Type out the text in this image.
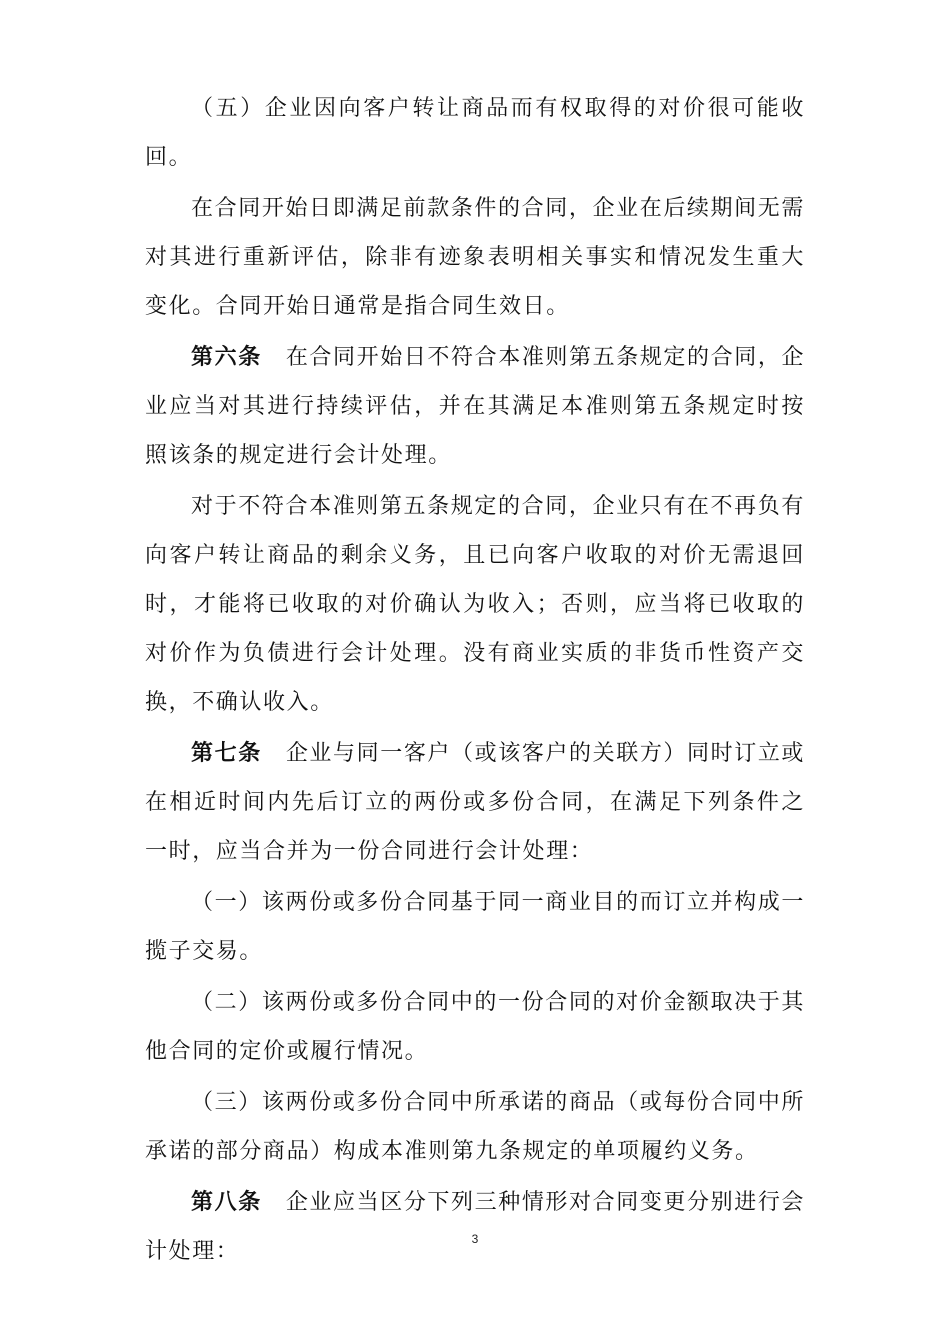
（五）企业因向客户转让商品而有权取得的对价很可能收回。

在合同开始日即满足前款条件的合同，企业在后续期间无需对其进行重新评估，除非有迹象表明相关事实和情况发生重大变化。合同开始日通常是指合同生效日。

第六条 在合同开始日不符合本准则第五条规定的合同，企业应当对其进行持续评估，并在其满足本准则第五条规定时按照该条的规定进行会计处理。

对于不符合本准则第五条规定的合同，企业只有在不再负有向客户转让商品的剩余义务，且已向客户收取的对价无需退回时，才能将已收取的对价确认为收入；否则，应当将已收取的对价作为负债进行会计处理。没有商业实质的非货币性资产交换，不确认收入。

第七条 企业与同一客户（或该客户的关联方）同时订立或在相近时间内先后订立的两份或多份合同，在满足下列条件之一时，应当合并为一份合同进行会计处理：

（一）该两份或多份合同基于同一商业目的而订立并构成一揽子交易。

（二）该两份或多份合同中的一份合同的对价金额取决于其他合同的定价或履行情况。

（三）该两份或多份合同中所承诺的商品（或每份合同中所承诺的部分商品）构成本准则第九条规定的单项履约义务。

第八条 企业应当区分下列三种情形对合同变更分别进行会计处理：	3
